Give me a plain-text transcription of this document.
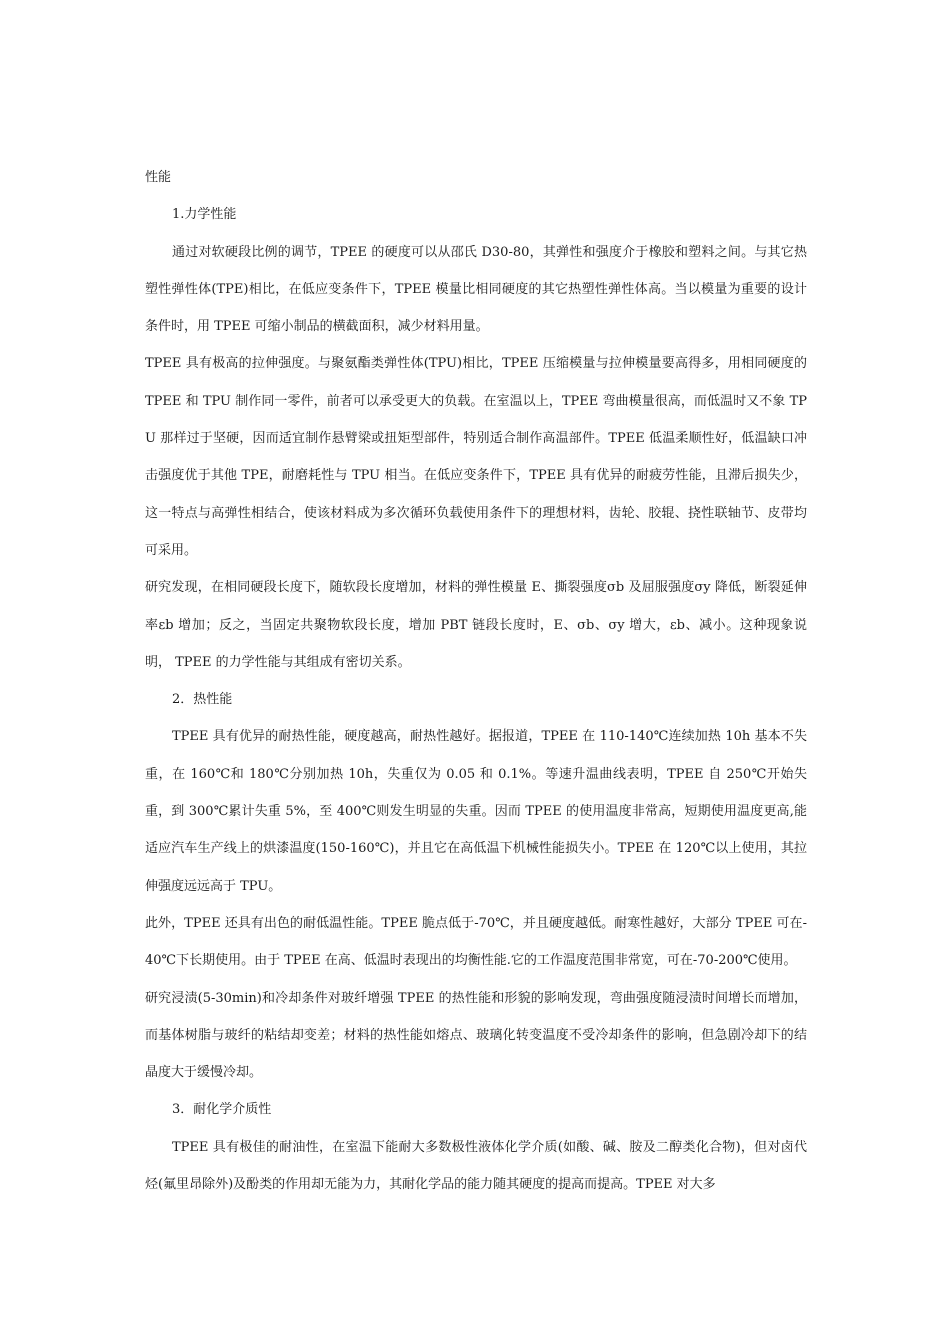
性能

1.力学性能

通过对软硬段比例的调节，TPEE 的硬度可以从邵氏 D30-80，其弹性和强度介于橡胶和塑料之间。与其它热塑性弹性体(TPE)相比，在低应变条件下，TPEE 模量比相同硬度的其它热塑性弹性体高。当以模量为重要的设计条件时，用 TPEE 可缩小制品的横截面积，减少材料用量。

TPEE 具有极高的拉伸强度。与聚氨酯类弹性体(TPU)相比，TPEE 压缩模量与拉伸模量要高得多，用相同硬度的 TPEE 和 TPU 制作同一零件，前者可以承受更大的负载。在室温以上，TPEE 弯曲模量很高，而低温时又不象 TPU 那样过于坚硬，因而适宜制作悬臂梁或扭矩型部件，特别适合制作高温部件。TPEE 低温柔顺性好，低温缺口冲击强度优于其他 TPE，耐磨耗性与 TPU 相当。在低应变条件下，TPEE 具有优异的耐疲劳性能，且滞后损失少，这一特点与高弹性相结合，使该材料成为多次循环负载使用条件下的理想材料，齿轮、胶辊、挠性联轴节、皮带均可采用。

研究发现，在相同硬段长度下，随软段长度增加，材料的弹性模量 E、撕裂强度σb 及屈服强度σy 降低，断裂延伸率εb 增加；反之，当固定共聚物软段长度，增加 PBT 链段长度时，E、σb、σy 增大，εb、减小。这种现象说明， TPEE 的力学性能与其组成有密切关系。

2．热性能

TPEE 具有优异的耐热性能，硬度越高，耐热性越好。据报道，TPEE 在 110-140℃连续加热 10h 基本不失重，在 160℃和 180℃分别加热 10h，失重仅为 0.05 和 0.1%。等速升温曲线表明，TPEE 自 250℃开始失重，到 300℃累计失重 5%，至 400℃则发生明显的失重。因而 TPEE 的使用温度非常高，短期使用温度更高,能适应汽车生产线上的烘漆温度(150-160℃)，并且它在高低温下机械性能损失小。TPEE 在 120℃以上使用，其拉伸强度远远高于 TPU。

此外，TPEE 还具有出色的耐低温性能。TPEE 脆点低于-70℃，并且硬度越低。耐寒性越好，大部分 TPEE 可在-40℃下长期使用。由于 TPEE 在高、低温时表现出的均衡性能.它的工作温度范围非常宽，可在-70-200℃使用。

研究浸渍(5-30min)和冷却条件对玻纤增强 TPEE 的热性能和形貌的影响发现，弯曲强度随浸渍时间增长而增加，而基体树脂与玻纤的粘结却变差；材料的热性能如熔点、玻璃化转变温度不受冷却条件的影响，但急剧冷却下的结晶度大于缓慢冷却。

3．耐化学介质性

TPEE 具有极佳的耐油性，在室温下能耐大多数极性液体化学介质(如酸、碱、胺及二醇类化合物)，但对卤代烃(氟里昂除外)及酚类的作用却无能为力，其耐化学品的能力随其硬度的提高而提高。TPEE 对大多
